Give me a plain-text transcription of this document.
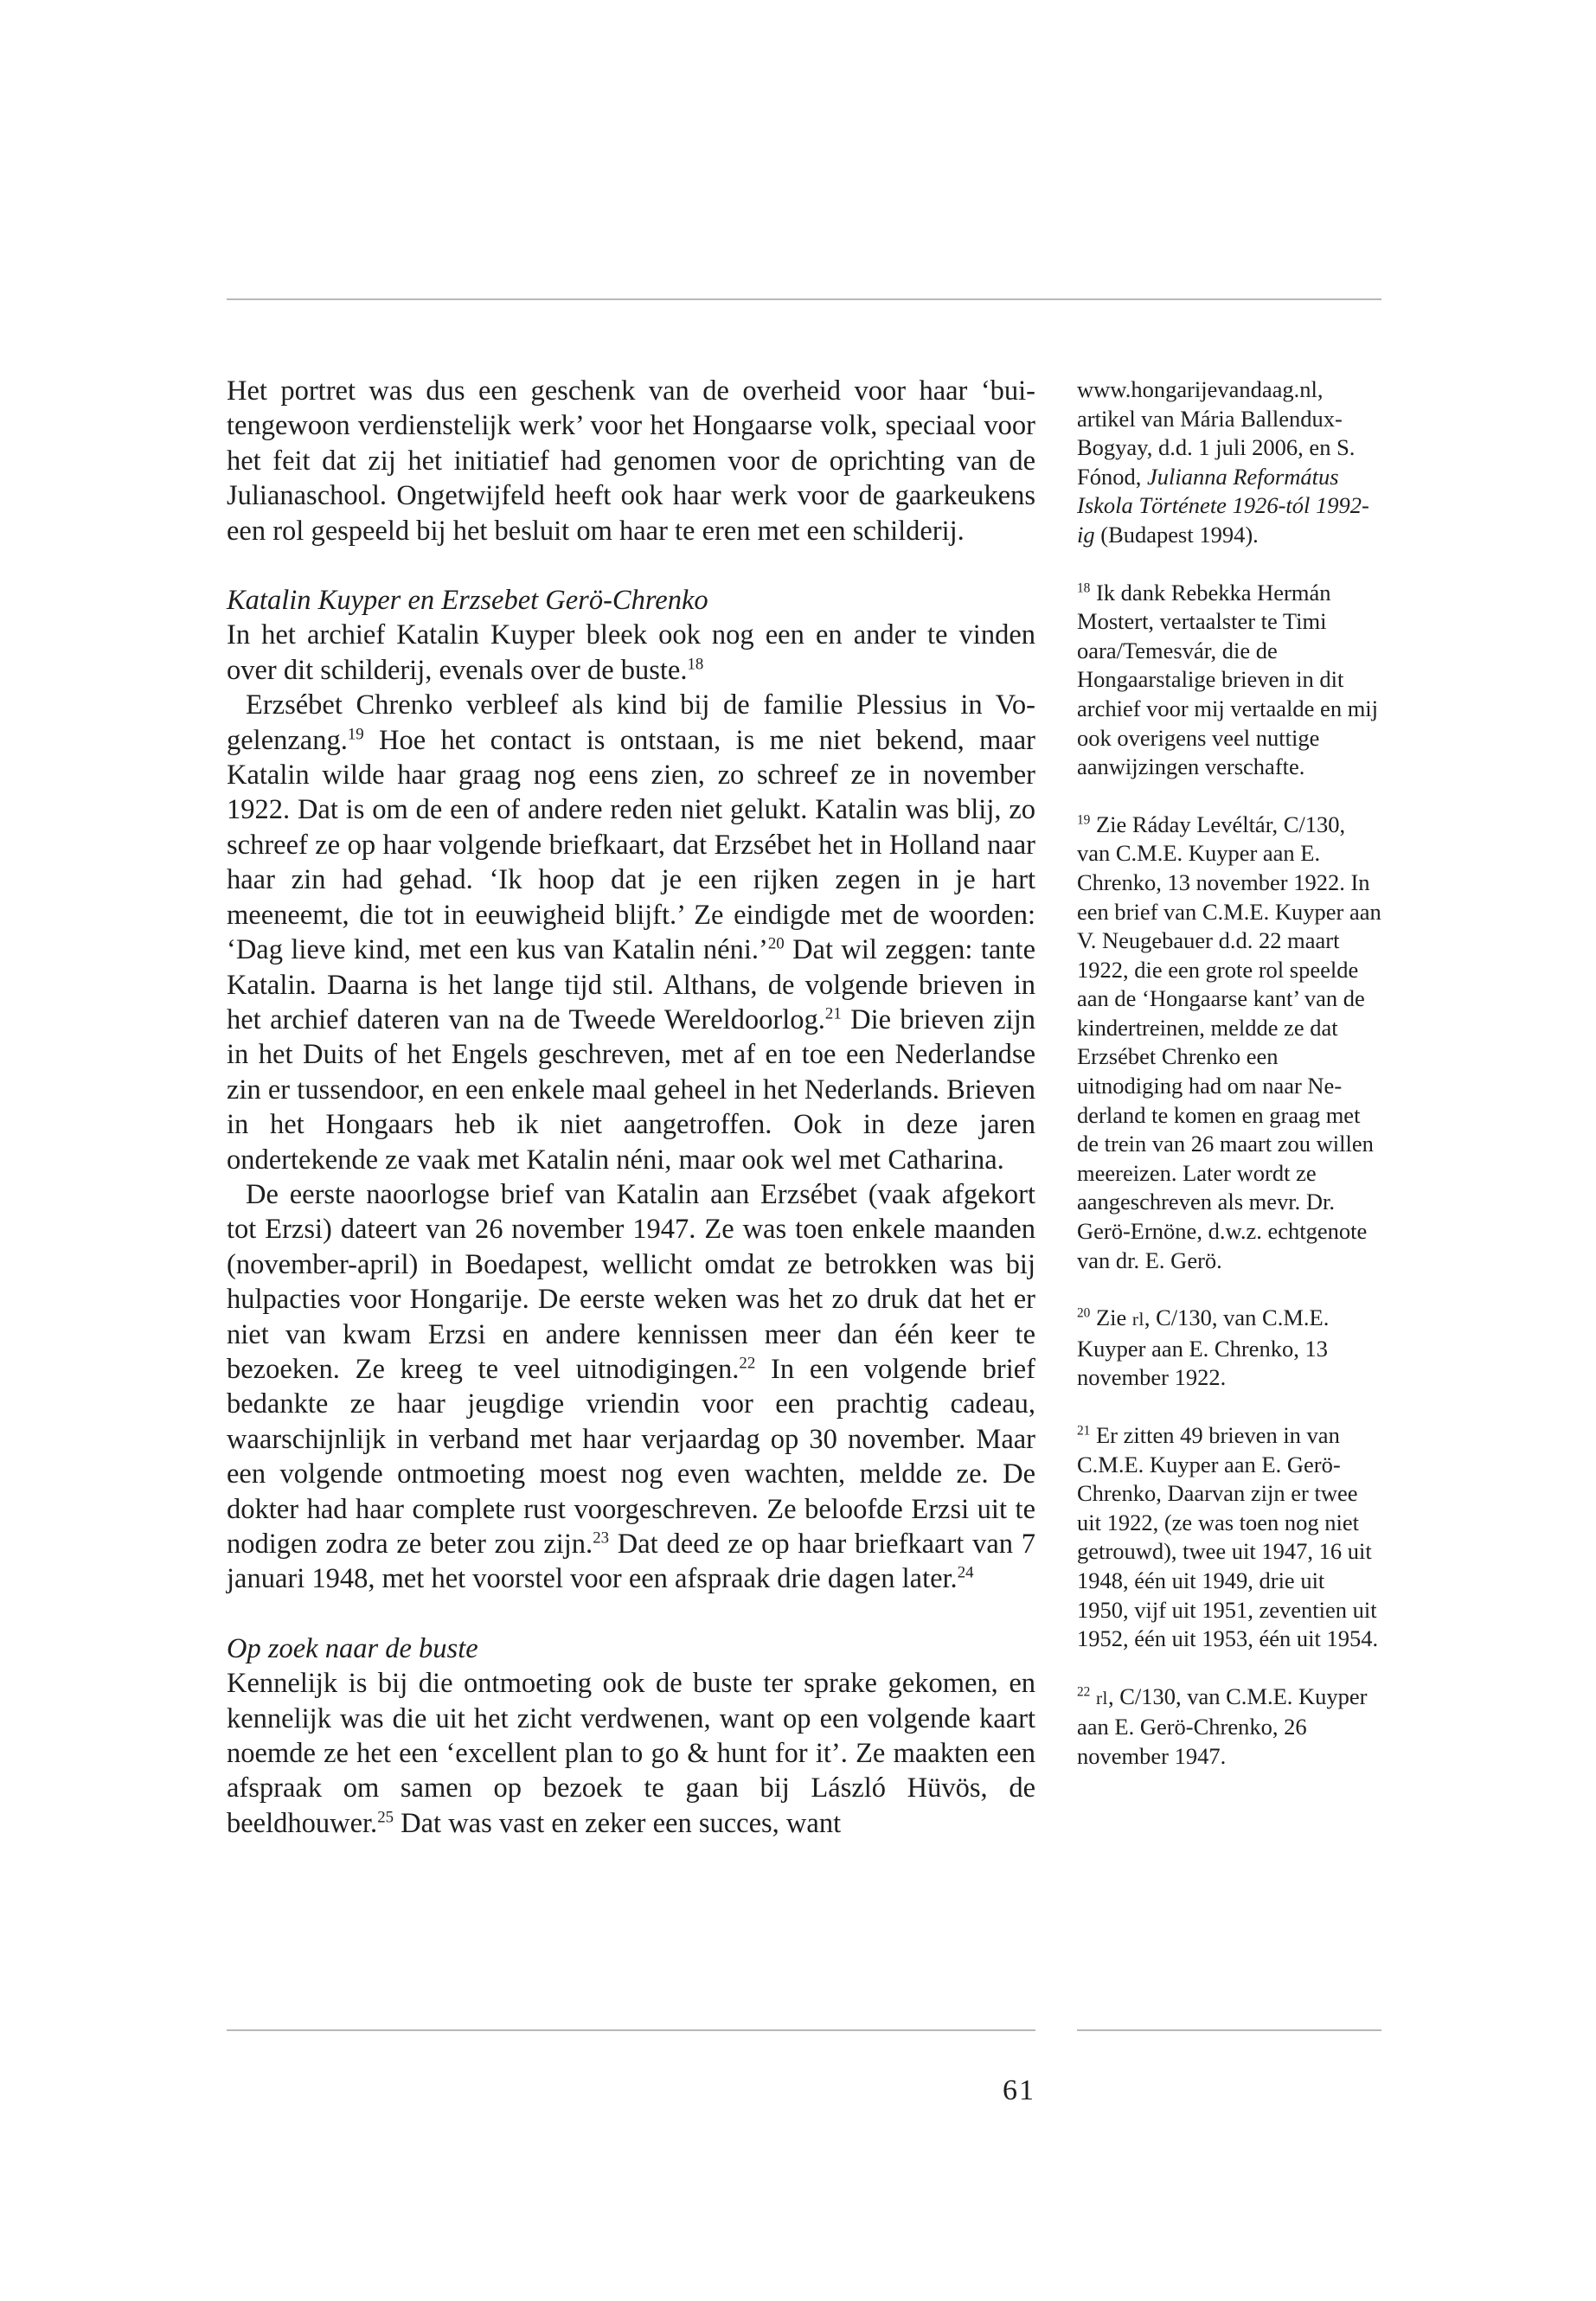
Het portret was dus een geschenk van de overheid voor haar ‘buitengewoon verdienstelijk werk’ voor het Hongaarse volk, speciaal voor het feit dat zij het initiatief had genomen voor de oprichting van de Julianaschool. Ongetwijfeld heeft ook haar werk voor de gaarkeukens een rol gespeeld bij het besluit om haar te eren met een schilderij.

Katalin Kuyper en Erzsebet Gerö-Chrenko

In het archief Katalin Kuyper bleek ook nog een en ander te vinden over dit schilderij, evenals over de buste.$^{18}$

Erzsébet Chrenko verbleef als kind bij de familie Plessius in Vogelenzang.$^{19}$ Hoe het contact is ontstaan, is me niet bekend, maar Katalin wilde haar graag nog eens zien, zo schreef ze in november 1922. Dat is om de een of andere reden niet gelukt. Katalin was blij, zo schreef ze op haar volgende briefkaart, dat Erzsébet het in Holland naar haar zin had gehad. ‘Ik hoop dat je een rijken zegen in je hart meeneemt, die tot in eeuwigheid blijft.’ Ze eindigde met de woorden: ‘Dag lieve kind, met een kus van Katalin néni.’$^{20}$ Dat wil zeggen: tante Katalin. Daarna is het lange tijd stil. Althans, de volgende brieven in het archief dateren van na de Tweede Wereldoorlog.$^{21}$ Die brieven zijn in het Duits of het Engels geschreven, met af en toe een Nederlandse zin er tussendoor, en een enkele maal geheel in het Nederlands. Brieven in het Hongaars heb ik niet aangetroffen. Ook in deze jaren ondertekende ze vaak met Katalin néni, maar ook wel met Catharina.

De eerste naoorlogse brief van Katalin aan Erzsébet (vaak afgekort tot Erzsi) dateert van 26 november 1947. Ze was toen enkele maanden (november-april) in Boedapest, wellicht omdat ze betrokken was bij hulpacties voor Hongarije. De eerste weken was het zo druk dat het er niet van kwam Erzsi en andere kennissen meer dan één keer te bezoeken. Ze kreeg te veel uitnodigingen.$^{22}$ In een volgende brief bedankte ze haar jeugdige vriendin voor een prachtig cadeau, waarschijnlijk in verband met haar verjaardag op 30 november. Maar een volgende ontmoeting moest nog even wachten, meldde ze. De dokter had haar complete rust voorgeschreven. Ze beloofde Erzsi uit te nodigen zodra ze beter zou zijn.$^{23}$ Dat deed ze op haar briefkaart van 7 januari 1948, met het voorstel voor een afspraak drie dagen later.$^{24}$

Op zoek naar de buste

Kennelijk is bij die ontmoeting ook de buste ter sprake gekomen, en kennelijk was die uit het zicht verdwenen, want op een volgende kaart noemde ze het een ‘excellent plan to go & hunt for it’. Ze maakten een afspraak om samen op bezoek te gaan bij László Hüvös, de beeldhouwer.$^{25}$ Dat was vast en zeker een succes, want

www.hongarijevandaag.nl, artikel van Mária Ballendux-Bogyay, d.d. 1 juli 2006, en S. Fónod, Julianna Református Iskola Története 1926-tól 1992-ig (Budapest 1994).

$^{18}$ Ik dank Rebekka Hermán Mostert, vertaalster te Timi oara/Temesvár, die de Hongaarstalige brieven in dit archief voor mij vertaalde en mij ook overigens veel nuttige aanwijzingen verschafte.

$^{19}$ Zie Ráday Levéltár, C/130, van C.M.E. Kuyper aan E. Chrenko, 13 november 1922. In een brief van C.M.E. Kuyper aan V. Neugebauer d.d. 22 maart 1922, die een grote rol speelde aan de ‘Hongaarse kant’ van de kindertreinen, meldde ze dat Erzsébet Chrenko een uitnodiging had om naar Nederland te komen en graag met de trein van 26 maart zou willen meereizen. Later wordt ze aangeschreven als mevr. Dr. Gerö-Ernöne, d.w.z. echtgenote van dr. E. Gerö.

$^{20}$ Zie rl, C/130, van C.M.E. Kuyper aan E. Chrenko, 13 november 1922.

$^{21}$ Er zitten 49 brieven in van C.M.E. Kuyper aan E. Gerö-Chrenko, Daarvan zijn er twee uit 1922, (ze was toen nog niet getrouwd), twee uit 1947, 16 uit 1948, één uit 1949, drie uit 1950, vijf uit 1951, zeventien uit 1952, één uit 1953, één uit 1954.

$^{22}$ rl, C/130, van C.M.E. Kuyper aan E. Gerö-Chrenko, 26 november 1947.

61
